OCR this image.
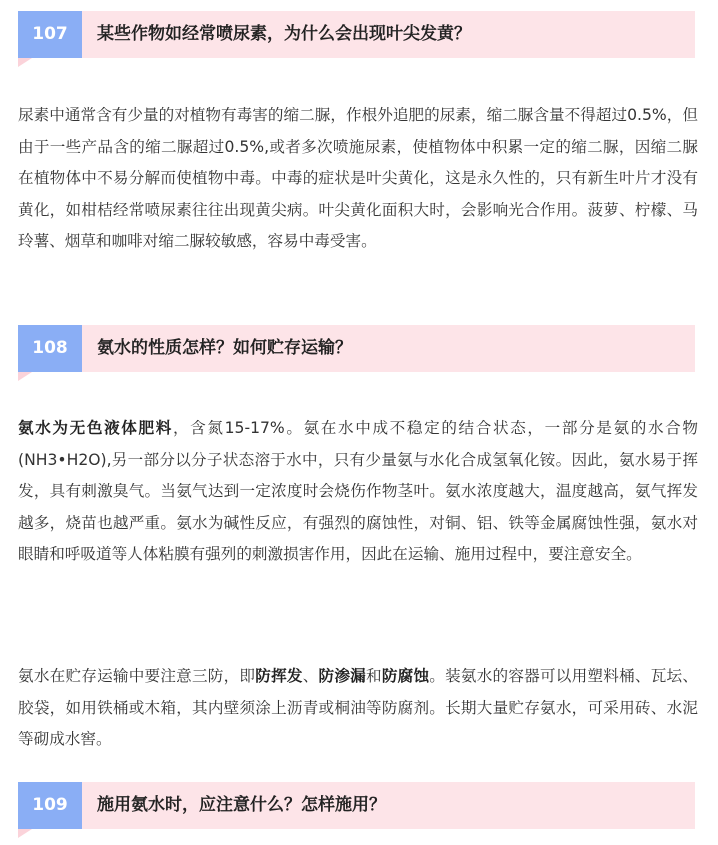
107	某些作物如经常喷尿素，为什么会出现叶尖发黄？

尿素中通常含有少量的对植物有毒害的缩二脲，作根外追肥的尿素，缩二脲含量不得超过0.5%，但由于一些产品含的缩二脲超过0.5%,或者多次喷施尿素，使植物体中积累一定的缩二脲，因缩二脲在植物体中不易分解而使植物中毒。中毒的症状是叶尖黄化，这是永久性的，只有新生叶片才没有黄化，如柑桔经常喷尿素往往出现黄尖病。叶尖黄化面积大时，会影响光合作用。菠萝、柠檬、马玲薯、烟草和咖啡对缩二脲较敏感，容易中毒受害。

108	氨水的性质怎样？如何贮存运输？

氨水为无色液体肥料，含氮15-17%。氨在水中成不稳定的结合状态，一部分是氨的水合物(NH3•H2O),另一部分以分子状态溶于水中，只有少量氨与水化合成氢氧化铵。因此，氨水易于挥发，具有刺激臭气。当氨气达到一定浓度时会烧伤作物茎叶。氨水浓度越大，温度越高，氨气挥发越多，烧苗也越严重。氨水为碱性反应，有强烈的腐蚀性，对铜、铝、铁等金属腐蚀性强，氨水对眼睛和呼吸道等人体粘膜有强列的刺激损害作用，因此在运输、施用过程中，要注意安全。

氨水在贮存运输中要注意三防，即防挥发、防渗漏和防腐蚀。装氨水的容器可以用塑料桶、瓦坛、胶袋，如用铁桶或木箱，其内壁须涂上沥青或桐油等防腐剂。长期大量贮存氨水，可采用砖、水泥等砌成水窖。

109	施用氨水时，应注意什么？怎样施用？
